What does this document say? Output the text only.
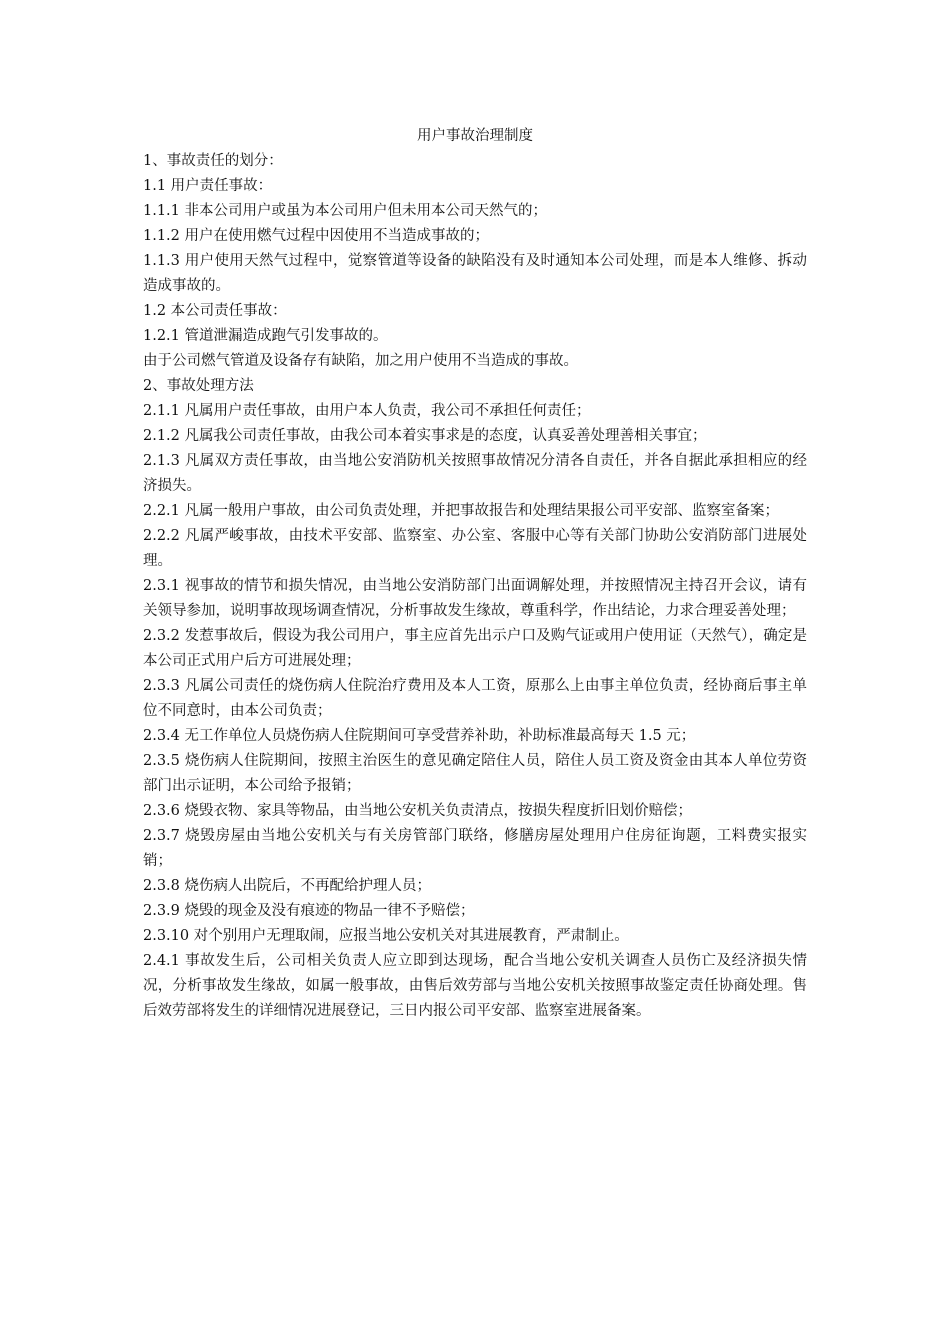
用户事故治理制度

1、事故责任的划分：

1.1 用户责任事故：

1.1.1 非本公司用户或虽为本公司用户但未用本公司天然气的；

1.1.2 用户在使用燃气过程中因使用不当造成事故的；

1.1.3 用户使用天然气过程中，觉察管道等设备的缺陷没有及时通知本公司处理，而是本人维修、拆动造成事故的。

1.2 本公司责任事故：

1.2.1 管道泄漏造成跑气引发事故的。

由于公司燃气管道及设备存有缺陷，加之用户使用不当造成的事故。

2、事故处理方法

2.1.1 凡属用户责任事故，由用户本人负责，我公司不承担任何责任；

2.1.2 凡属我公司责任事故，由我公司本着实事求是的态度，认真妥善处理善相关事宜；

2.1.3 凡属双方责任事故，由当地公安消防机关按照事故情况分清各自责任，并各自据此承担相应的经济损失。

2.2.1 凡属一般用户事故，由公司负责处理，并把事故报告和处理结果报公司平安部、监察室备案；

2.2.2 凡属严峻事故，由技术平安部、监察室、办公室、客服中心等有关部门协助公安消防部门进展处理。

2.3.1 视事故的情节和损失情况，由当地公安消防部门出面调解处理，并按照情况主持召开会议，请有关领导参加，说明事故现场调查情况，分析事故发生缘故，尊重科学，作出结论，力求合理妥善处理；

2.3.2 发惹事故后，假设为我公司用户，事主应首先出示户口及购气证或用户使用证（天然气），确定是本公司正式用户后方可进展处理；

2.3.3 凡属公司责任的烧伤病人住院治疗费用及本人工资，原那么上由事主单位负责，经协商后事主单位不同意时，由本公司负责；

2.3.4 无工作单位人员烧伤病人住院期间可享受营养补助，补助标准最高每天 1.5 元；

2.3.5 烧伤病人住院期间，按照主治医生的意见确定陪住人员，陪住人员工资及资金由其本人单位劳资部门出示证明，本公司给予报销；

2.3.6 烧毁衣物、家具等物品，由当地公安机关负责清点，按损失程度折旧划价赔偿；

2.3.7 烧毁房屋由当地公安机关与有关房管部门联络，修膳房屋处理用户住房征询题，工料费实报实销；

2.3.8 烧伤病人出院后，不再配给护理人员；

2.3.9 烧毁的现金及没有痕迹的物品一律不予赔偿；

2.3.10 对个别用户无理取闹，应报当地公安机关对其进展教育，严肃制止。

2.4.1 事故发生后，公司相关负责人应立即到达现场，配合当地公安机关调查人员伤亡及经济损失情况，分析事故发生缘故，如属一般事故，由售后效劳部与当地公安机关按照事故鉴定责任协商处理。售后效劳部将发生的详细情况进展登记，三日内报公司平安部、监察室进展备案。
